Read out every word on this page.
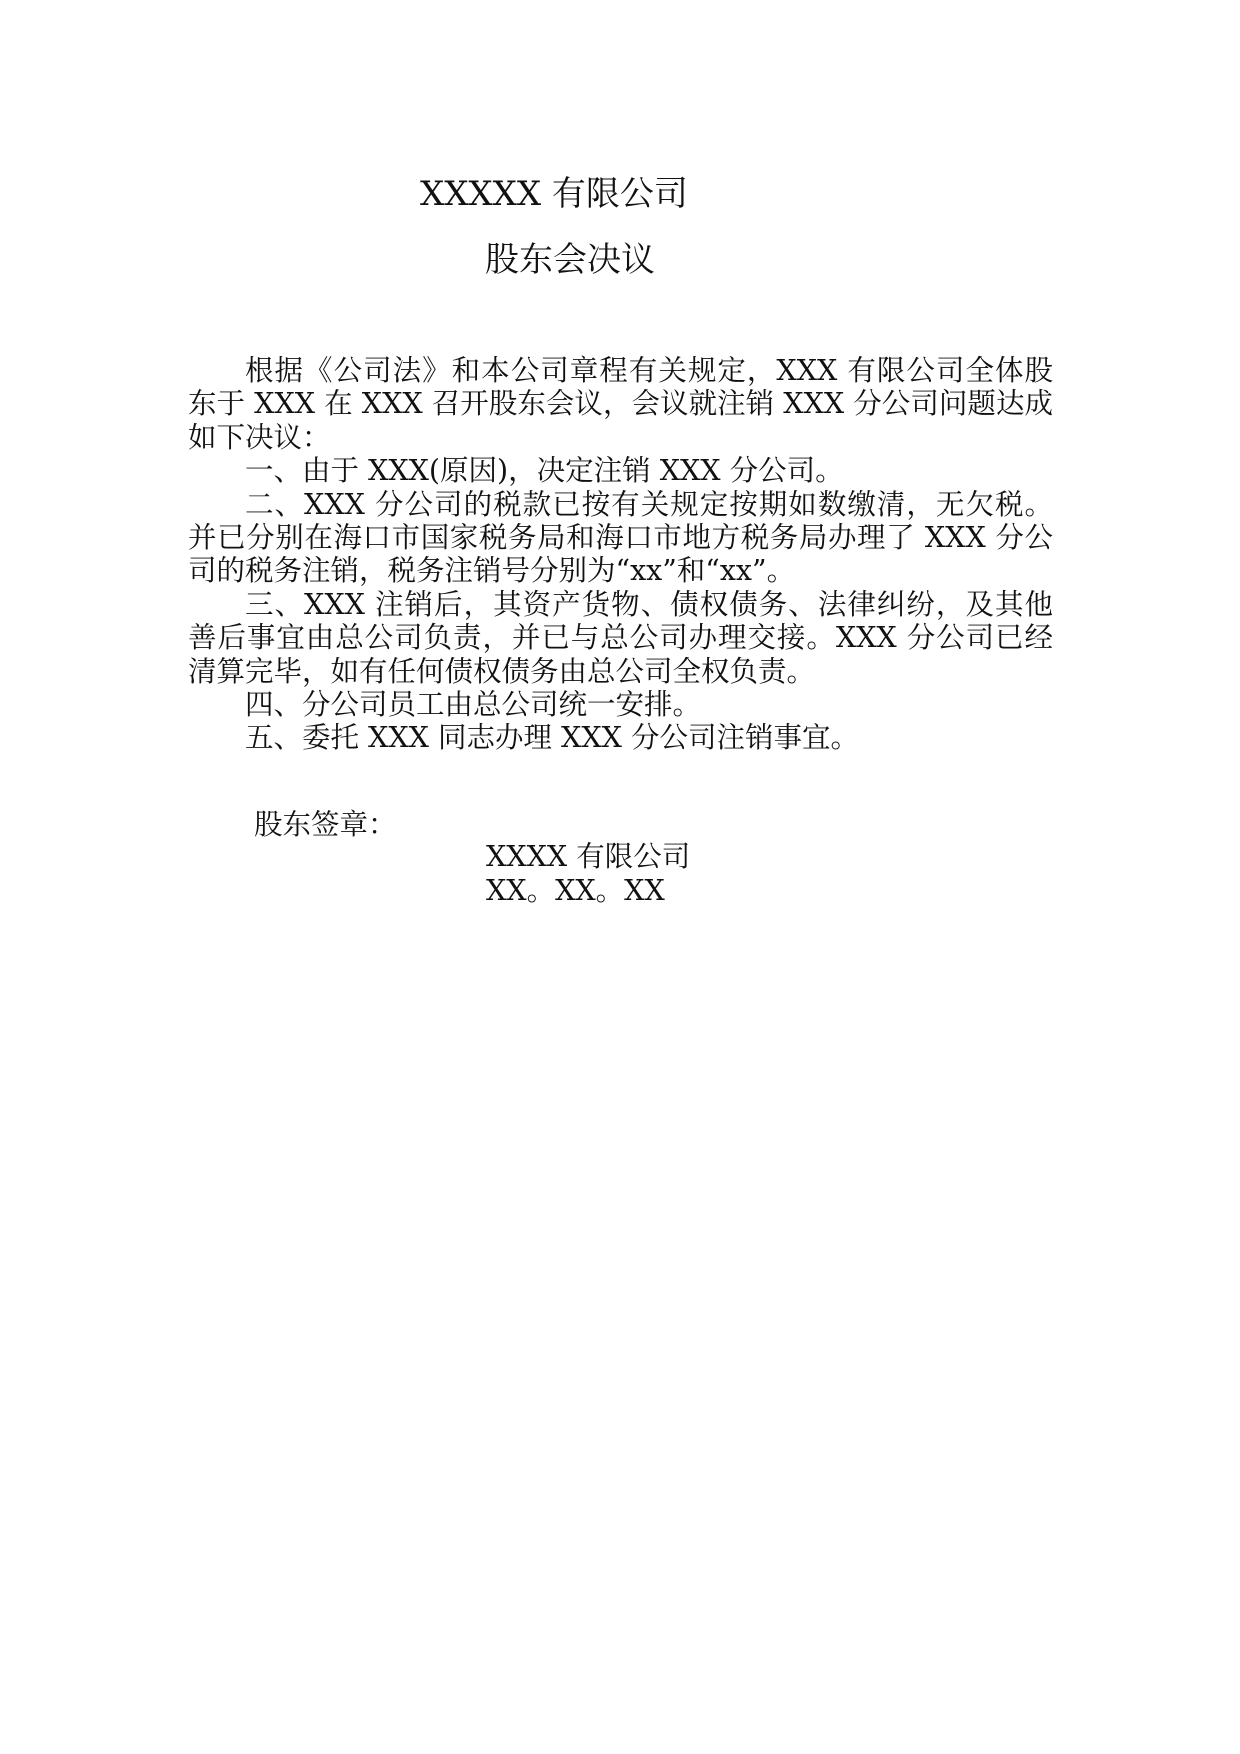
XXXXX 有限公司
股东会决议

根据《公司法》和本公司章程有关规定，XXX 有限公司全体股东于 XXX 在 XXX 召开股东会议，会议就注销 XXX 分公司问题达成如下决议：

一、由于 XXX(原因)，决定注销 XXX 分公司。

二、XXX 分公司的税款已按有关规定按期如数缴清，无欠税。并已分别在海口市国家税务局和海口市地方税务局办理了 XXX 分公司的税务注销，税务注销号分别为“xx”和“xx”。

三、XXX 注销后，其资产货物、债权债务、法律纠纷，及其他善后事宜由总公司负责，并已与总公司办理交接。XXX 分公司已经清算完毕，如有任何债权债务由总公司全权负责。

四、分公司员工由总公司统一安排。

五、委托 XXX 同志办理 XXX 分公司注销事宜。

股东签章：
XXXX 有限公司
XX。XX。XX
